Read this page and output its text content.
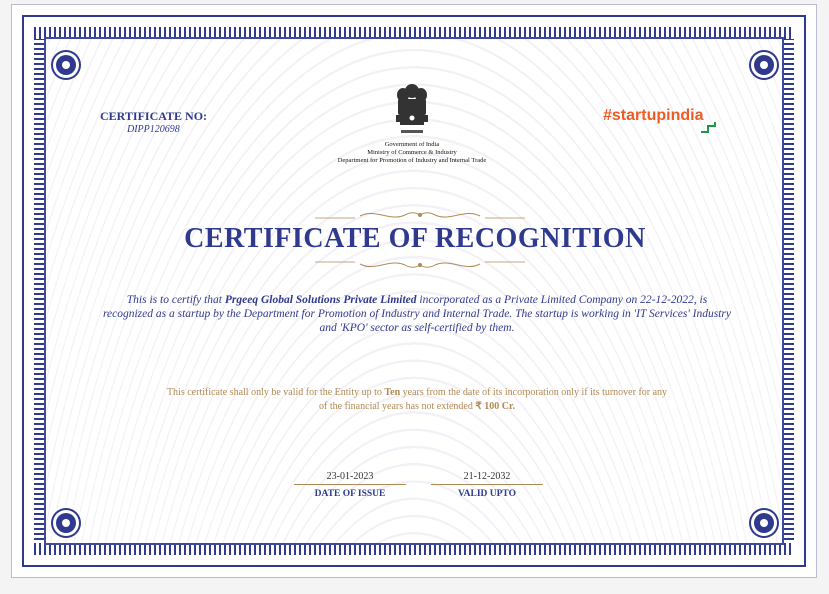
CERTIFICATE NO:
DIPP120698
Government of India
Ministry of Commerce & Industry
Department for Promotion of Industry and Internal Trade
#startupindia
CERTIFICATE OF RECOGNITION
This is to certify that Prgeeq Global Solutions Private Limited incorporated as a Private Limited Company on 22-12-2022, is recognized as a startup by the Department for Promotion of Industry and Internal Trade. The startup is working in 'IT Services' Industry and 'KPO' sector as self-certified by them.
This certificate shall only be valid for the Entity up to Ten years from the date of its incorporation only if its turnover for any of the financial years has not extended ₹ 100 Cr.
23-01-2023
DATE OF ISSUE
21-12-2032
VALID UPTO
